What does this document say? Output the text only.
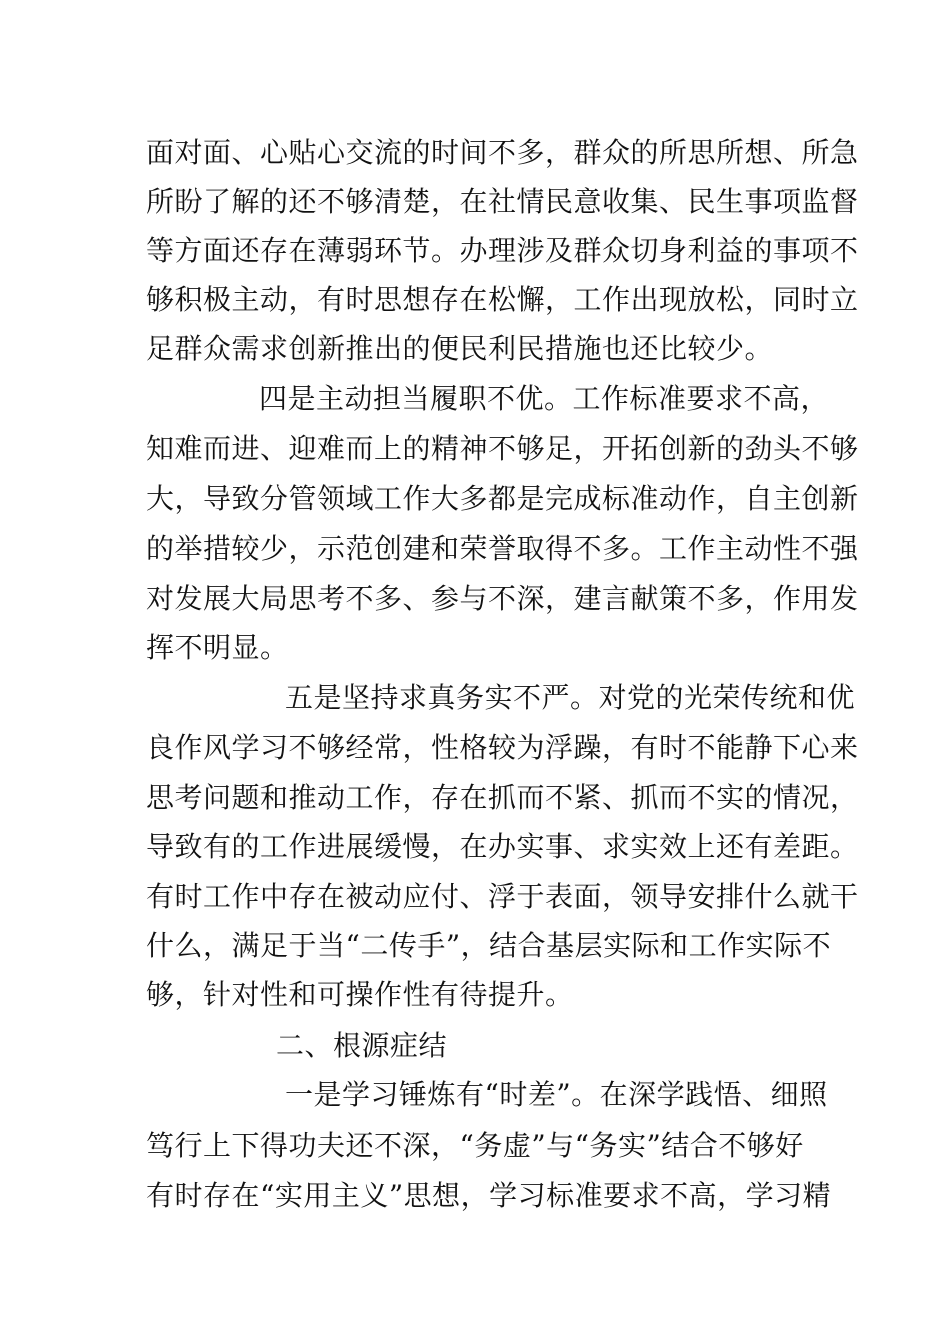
面对面、心贴心交流的时间不多，群众的所思所想、所急
所盼了解的还不够清楚，在社情民意收集、民生事项监督
等方面还存在薄弱环节。办理涉及群众切身利益的事项不
够积极主动，有时思想存在松懈，工作出现放松，同时立
足群众需求创新推出的便民利民措施也还比较少。
四是主动担当履职不优。工作标准要求不高，
知难而进、迎难而上的精神不够足，开拓创新的劲头不够
大，导致分管领域工作大多都是完成标准动作，自主创新
的举措较少，示范创建和荣誉取得不多。工作主动性不强
对发展大局思考不多、参与不深，建言献策不多，作用发
挥不明显。
五是坚持求真务实不严。对党的光荣传统和优
良作风学习不够经常，性格较为浮躁，有时不能静下心来
思考问题和推动工作，存在抓而不紧、抓而不实的情况，
导致有的工作进展缓慢，在办实事、求实效上还有差距。
有时工作中存在被动应付、浮于表面，领导安排什么就干
什么，满足于当“二传手”，结合基层实际和工作实际不
够，针对性和可操作性有待提升。
二、根源症结
一是学习锤炼有“时差”。在深学践悟、细照
笃行上下得功夫还不深，“务虚”与“务实”结合不够好
有时存在“实用主义”思想，学习标准要求不高，学习精
